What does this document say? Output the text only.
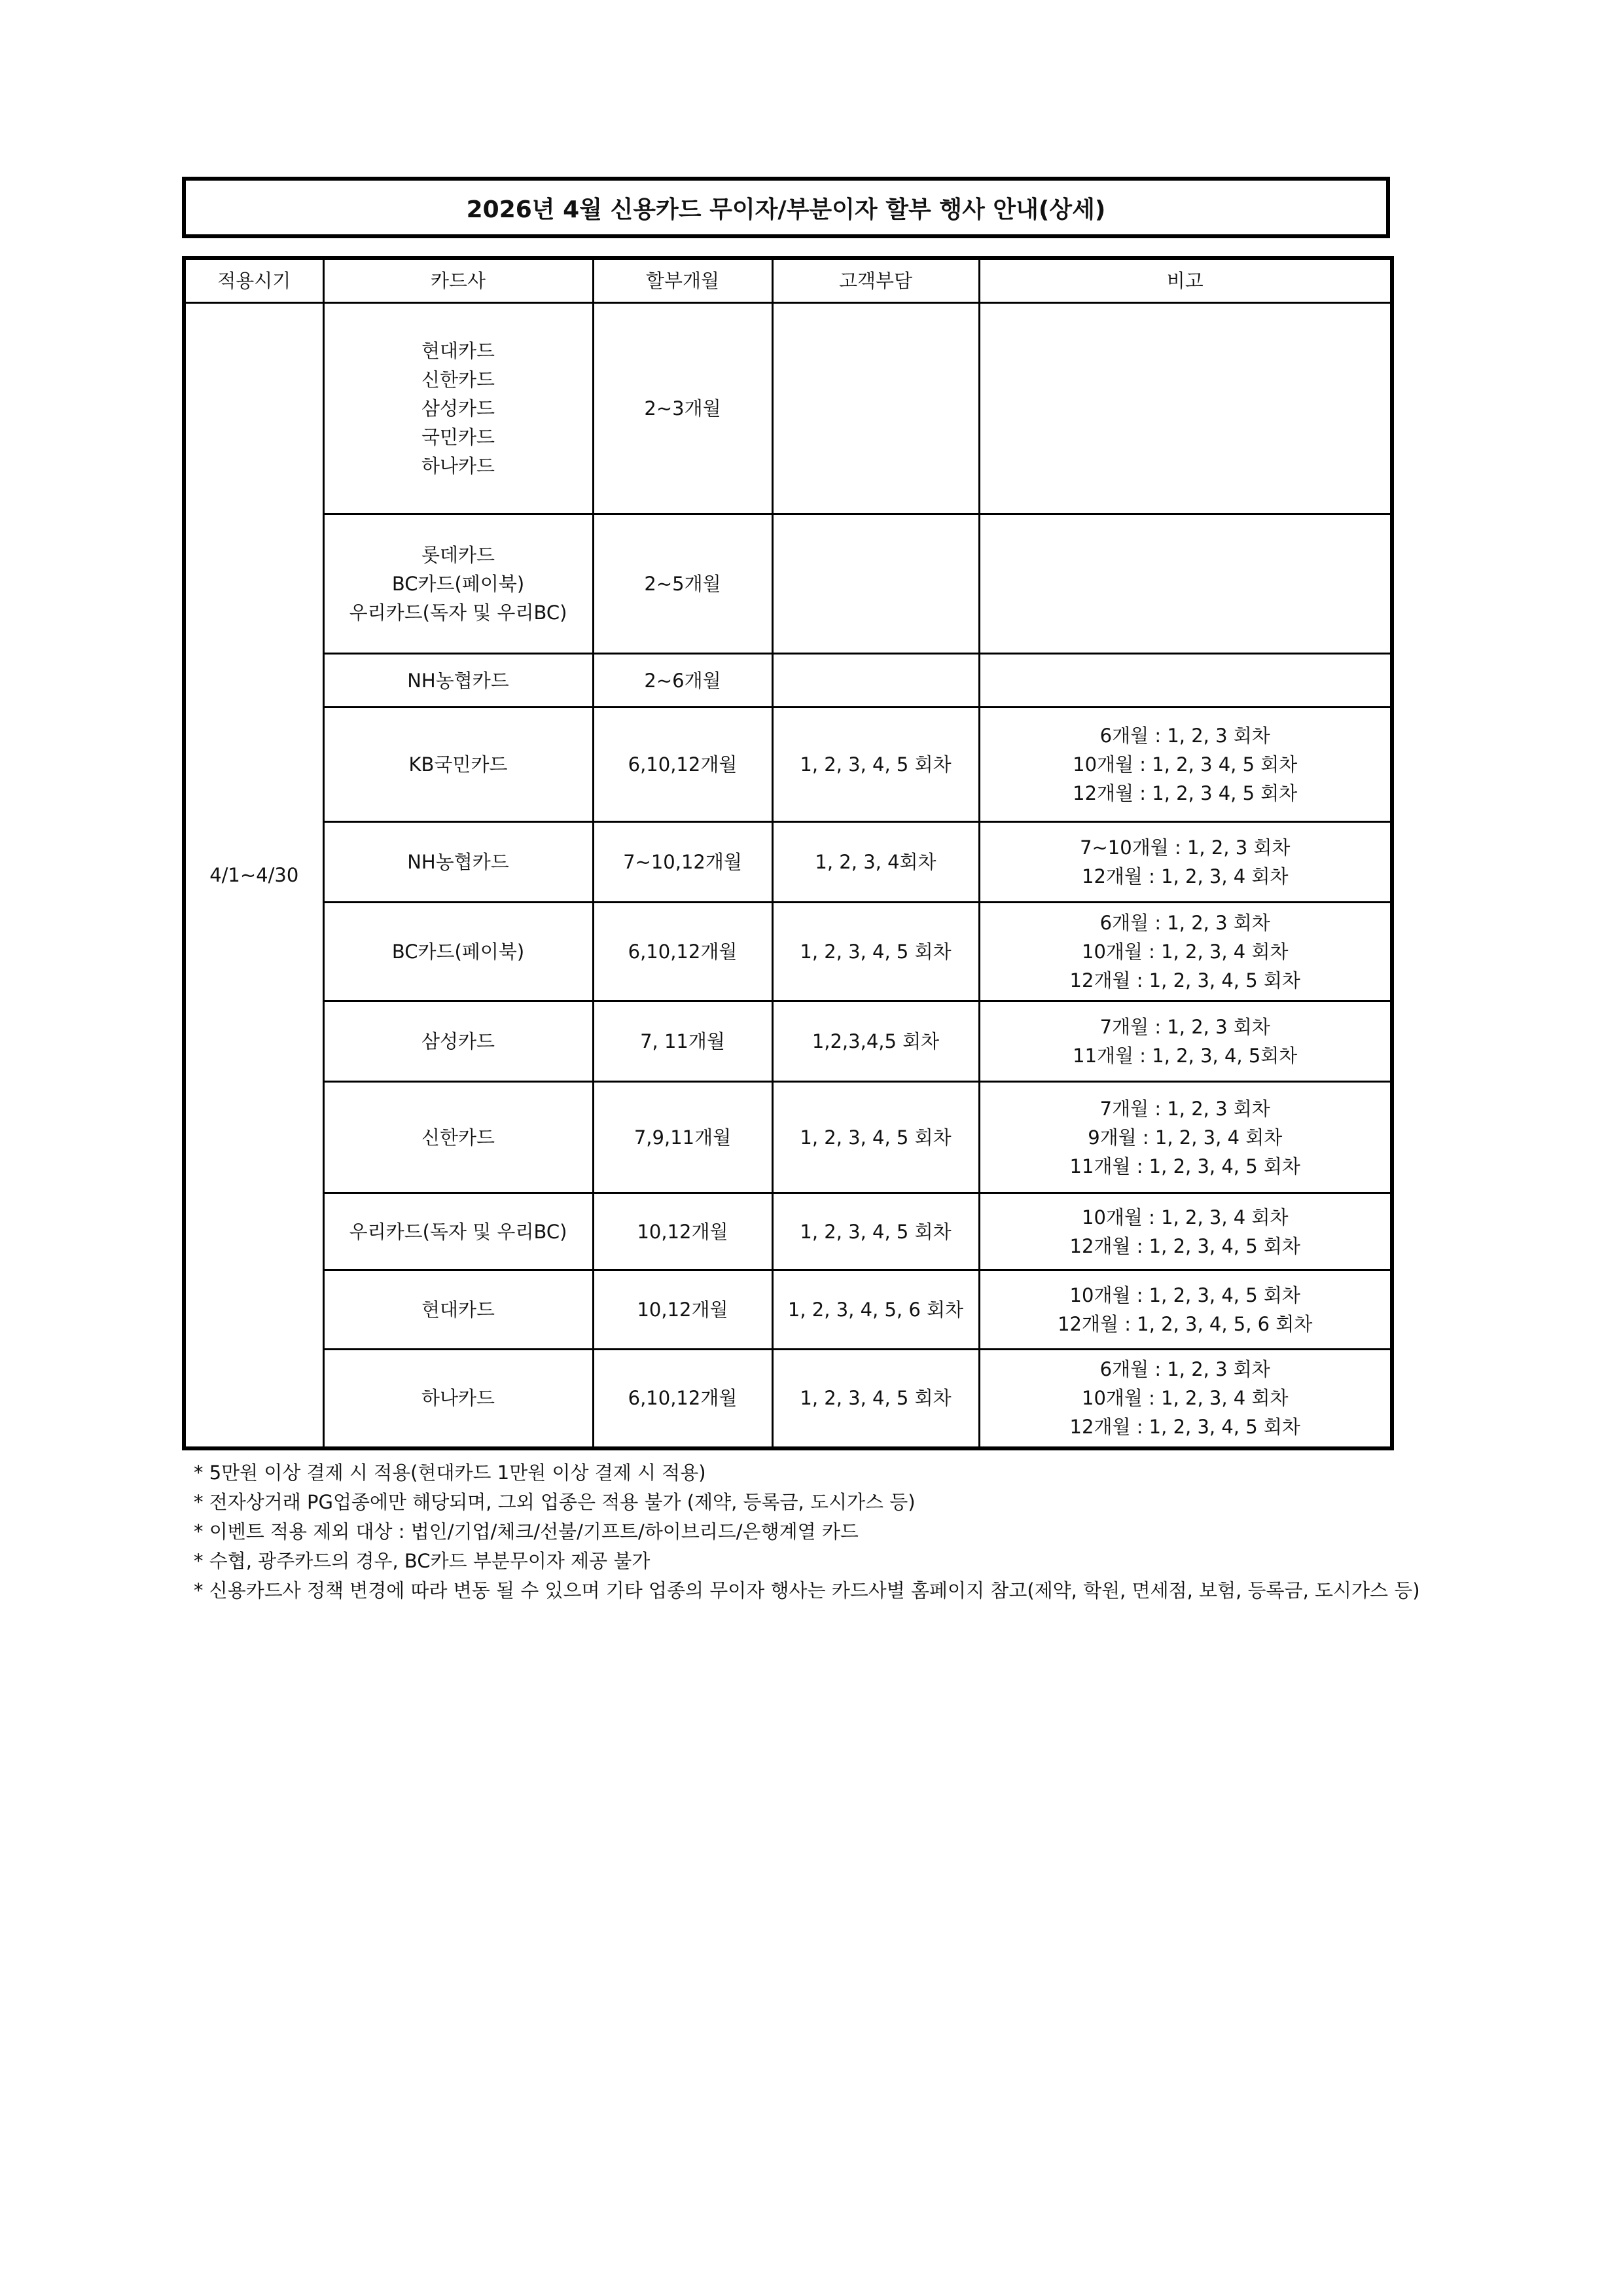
2026년 4월 신용카드 무이자/부분이자 할부 행사 안내(상세)
적용시기	카드사	할부개월	고객부담	비고
4/1~4/30	현대카드
신한카드
삼성카드
국민카드
하나카드	2~3개월		

	롯데카드
BC카드(페이북)
우리카드(독자 및 우리BC)	2~5개월		

	NH농협카드	2~6개월		

	KB국민카드	6,10,12개월	1, 2, 3, 4, 5 회차	6개월 : 1, 2, 3 회차
10개월 : 1, 2, 3 4, 5 회차
12개월 : 1, 2, 3 4, 5 회차

	NH농협카드	7~10,12개월	1, 2, 3, 4회차	7~10개월 : 1, 2, 3 회차
12개월 : 1, 2, 3, 4 회차

	BC카드(페이북)	6,10,12개월	1, 2, 3, 4, 5 회차	6개월 : 1, 2, 3 회차
10개월 : 1, 2, 3, 4 회차
12개월 : 1, 2, 3, 4, 5 회차

	삼성카드	7, 11개월	1,2,3,4,5 회차	7개월 : 1, 2, 3 회차
11개월 : 1, 2, 3, 4, 5회차

	신한카드	7,9,11개월	1, 2, 3, 4, 5 회차	7개월 : 1, 2, 3 회차
9개월 : 1, 2, 3, 4 회차
11개월 : 1, 2, 3, 4, 5 회차

	우리카드(독자 및 우리BC)	10,12개월	1, 2, 3, 4, 5 회차	10개월 : 1, 2, 3, 4 회차
12개월 : 1, 2, 3, 4, 5 회차

	현대카드	10,12개월	1, 2, 3, 4, 5, 6 회차	10개월 : 1, 2, 3, 4, 5 회차
12개월 : 1, 2, 3, 4, 5, 6 회차

	하나카드	6,10,12개월	1, 2, 3, 4, 5 회차	6개월 : 1, 2, 3 회차
10개월 : 1, 2, 3, 4 회차
12개월 : 1, 2, 3, 4, 5 회차
* 5만원 이상 결제 시 적용(현대카드 1만원 이상 결제 시 적용)
* 전자상거래 PG업종에만 해당되며, 그외 업종은 적용 불가 (제약, 등록금, 도시가스 등)
* 이벤트 적용 제외 대상 : 법인/기업/체크/선불/기프트/하이브리드/은행계열 카드
* 수협, 광주카드의 경우, BC카드 부분무이자 제공 불가
* 신용카드사 정책 변경에 따라 변동 될 수 있으며 기타 업종의 무이자 행사는 카드사별 홈페이지 참고(제약, 학원, 면세점, 보험, 등록금, 도시가스 등)
